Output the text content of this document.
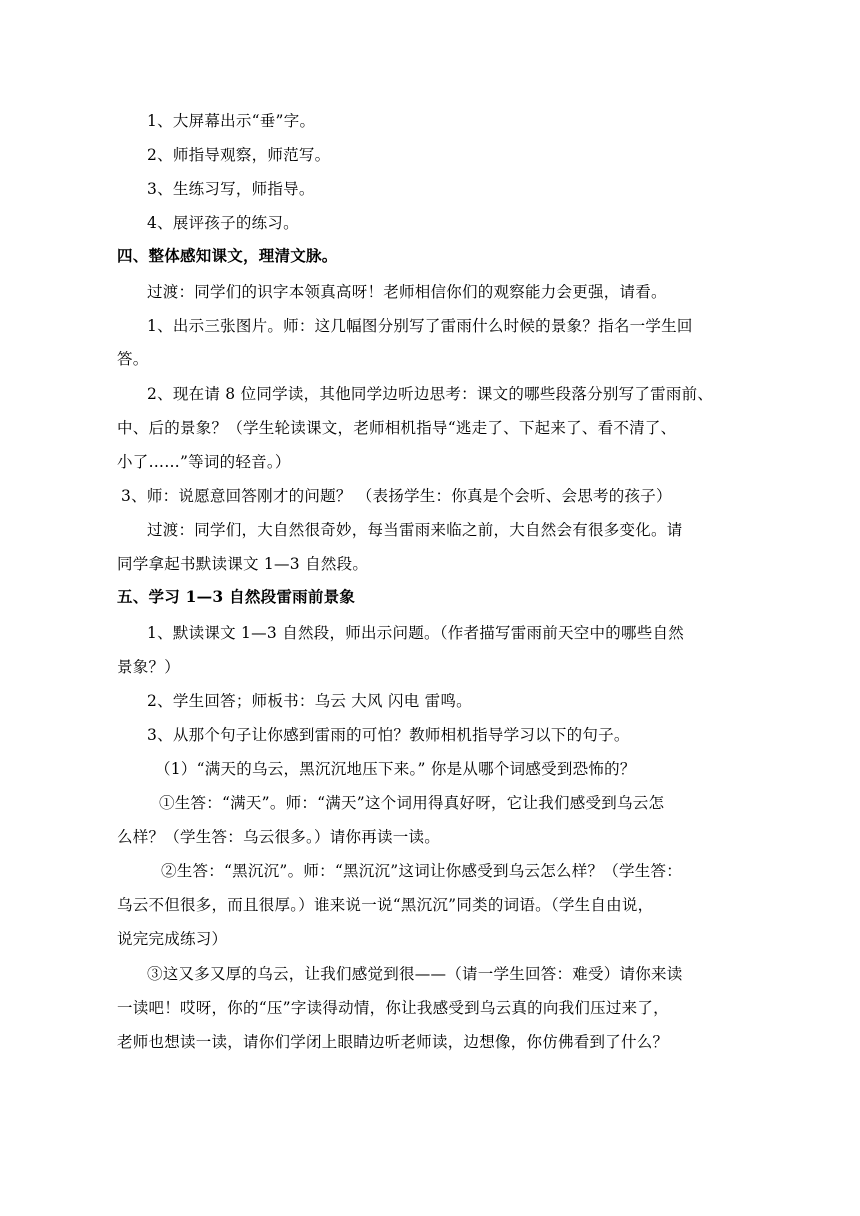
1、大屏幕出示“垂”字。
2、师指导观察，师范写。
3、生练习写，师指导。
4、展评孩子的练习。
四、整体感知课文，理清文脉。
过渡：同学们的识字本领真高呀！老师相信你们的观察能力会更强，请看。
1、出示三张图片。师：这几幅图分别写了雷雨什么时候的景象？指名一学生回
答。
2、现在请 8 位同学读，其他同学边听边思考：课文的哪些段落分别写了雷雨前、
中、后的景象？（学生轮读课文，老师相机指导“逃走了、下起来了、看不清了、
小了……”等词的轻音。）
3、师：说愿意回答刚才的问题？ （表扬学生：你真是个会听、会思考的孩子）
过渡：同学们，大自然很奇妙，每当雷雨来临之前，大自然会有很多变化。请
同学拿起书默读课文 1—3 自然段。
五、学习 1—3 自然段雷雨前景象
1、默读课文 1—3 自然段，师出示问题。（作者描写雷雨前天空中的哪些自然
景象？）
2、学生回答；师板书：乌云 大风 闪电 雷鸣。
3、从那个句子让你感到雷雨的可怕？教师相机指导学习以下的句子。
（1）“满天的乌云，黑沉沉地压下来。” 你是从哪个词感受到恐怖的？
①生答：“满天”。师：“满天”这个词用得真好呀，它让我们感受到乌云怎
么样？（学生答：乌云很多。）请你再读一读。
②生答：“黑沉沉”。师：“黑沉沉”这词让你感受到乌云怎么样？（学生答：
乌云不但很多，而且很厚。）谁来说一说“黑沉沉”同类的词语。（学生自由说，
说完完成练习）
③这又多又厚的乌云，让我们感觉到很——（请一学生回答：难受）请你来读
一读吧！哎呀，你的“压”字读得动情，你让我感受到乌云真的向我们压过来了，
老师也想读一读，请你们学闭上眼睛边听老师读，边想像，你仿佛看到了什么？
